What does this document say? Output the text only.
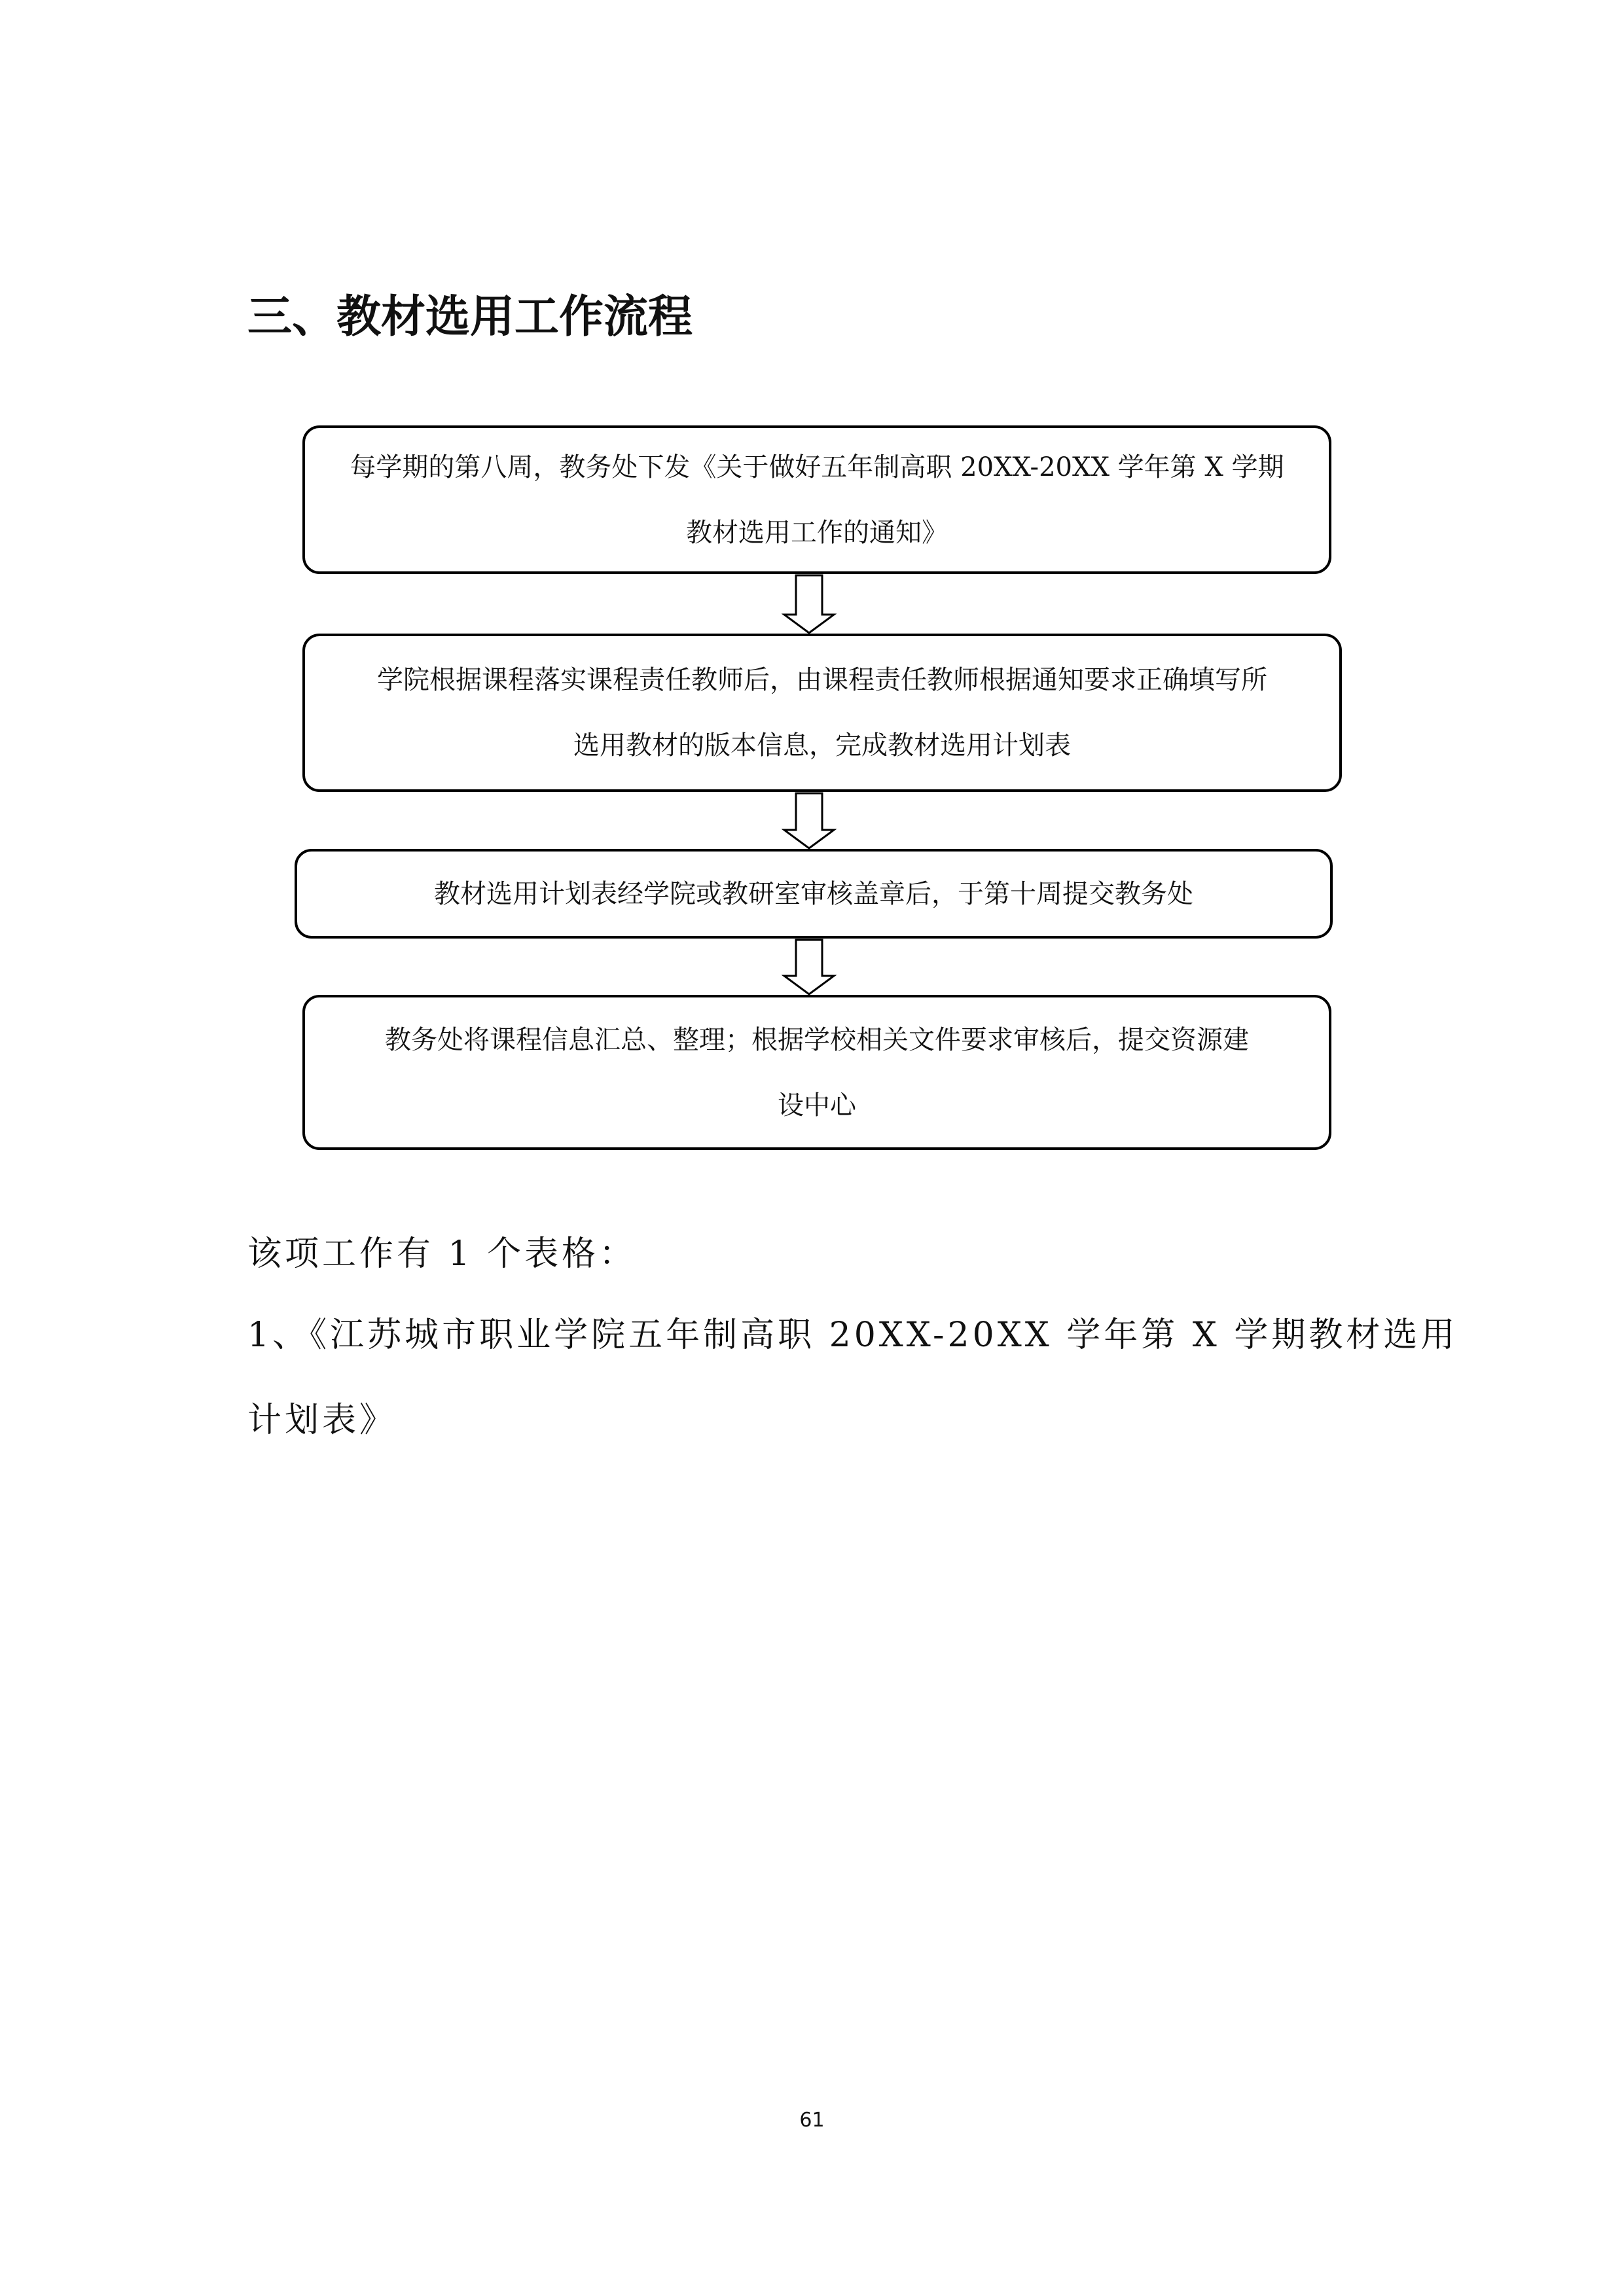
三、教材选用工作流程
每学期的第八周，教务处下发《关于做好五年制高职 20XX-20XX 学年第 X 学期
教材选用工作的通知》
学院根据课程落实课程责任教师后，由课程责任教师根据通知要求正确填写所
选用教材的版本信息，完成教材选用计划表
教材选用计划表经学院或教研室审核盖章后，于第十周提交教务处
教务处将课程信息汇总、整理；根据学校相关文件要求审核后，提交资源建
设中心
该项工作有 1 个表格：
1、《江苏城市职业学院五年制高职 20XX-20XX 学年第 X 学期教材选用
计划表》
61
